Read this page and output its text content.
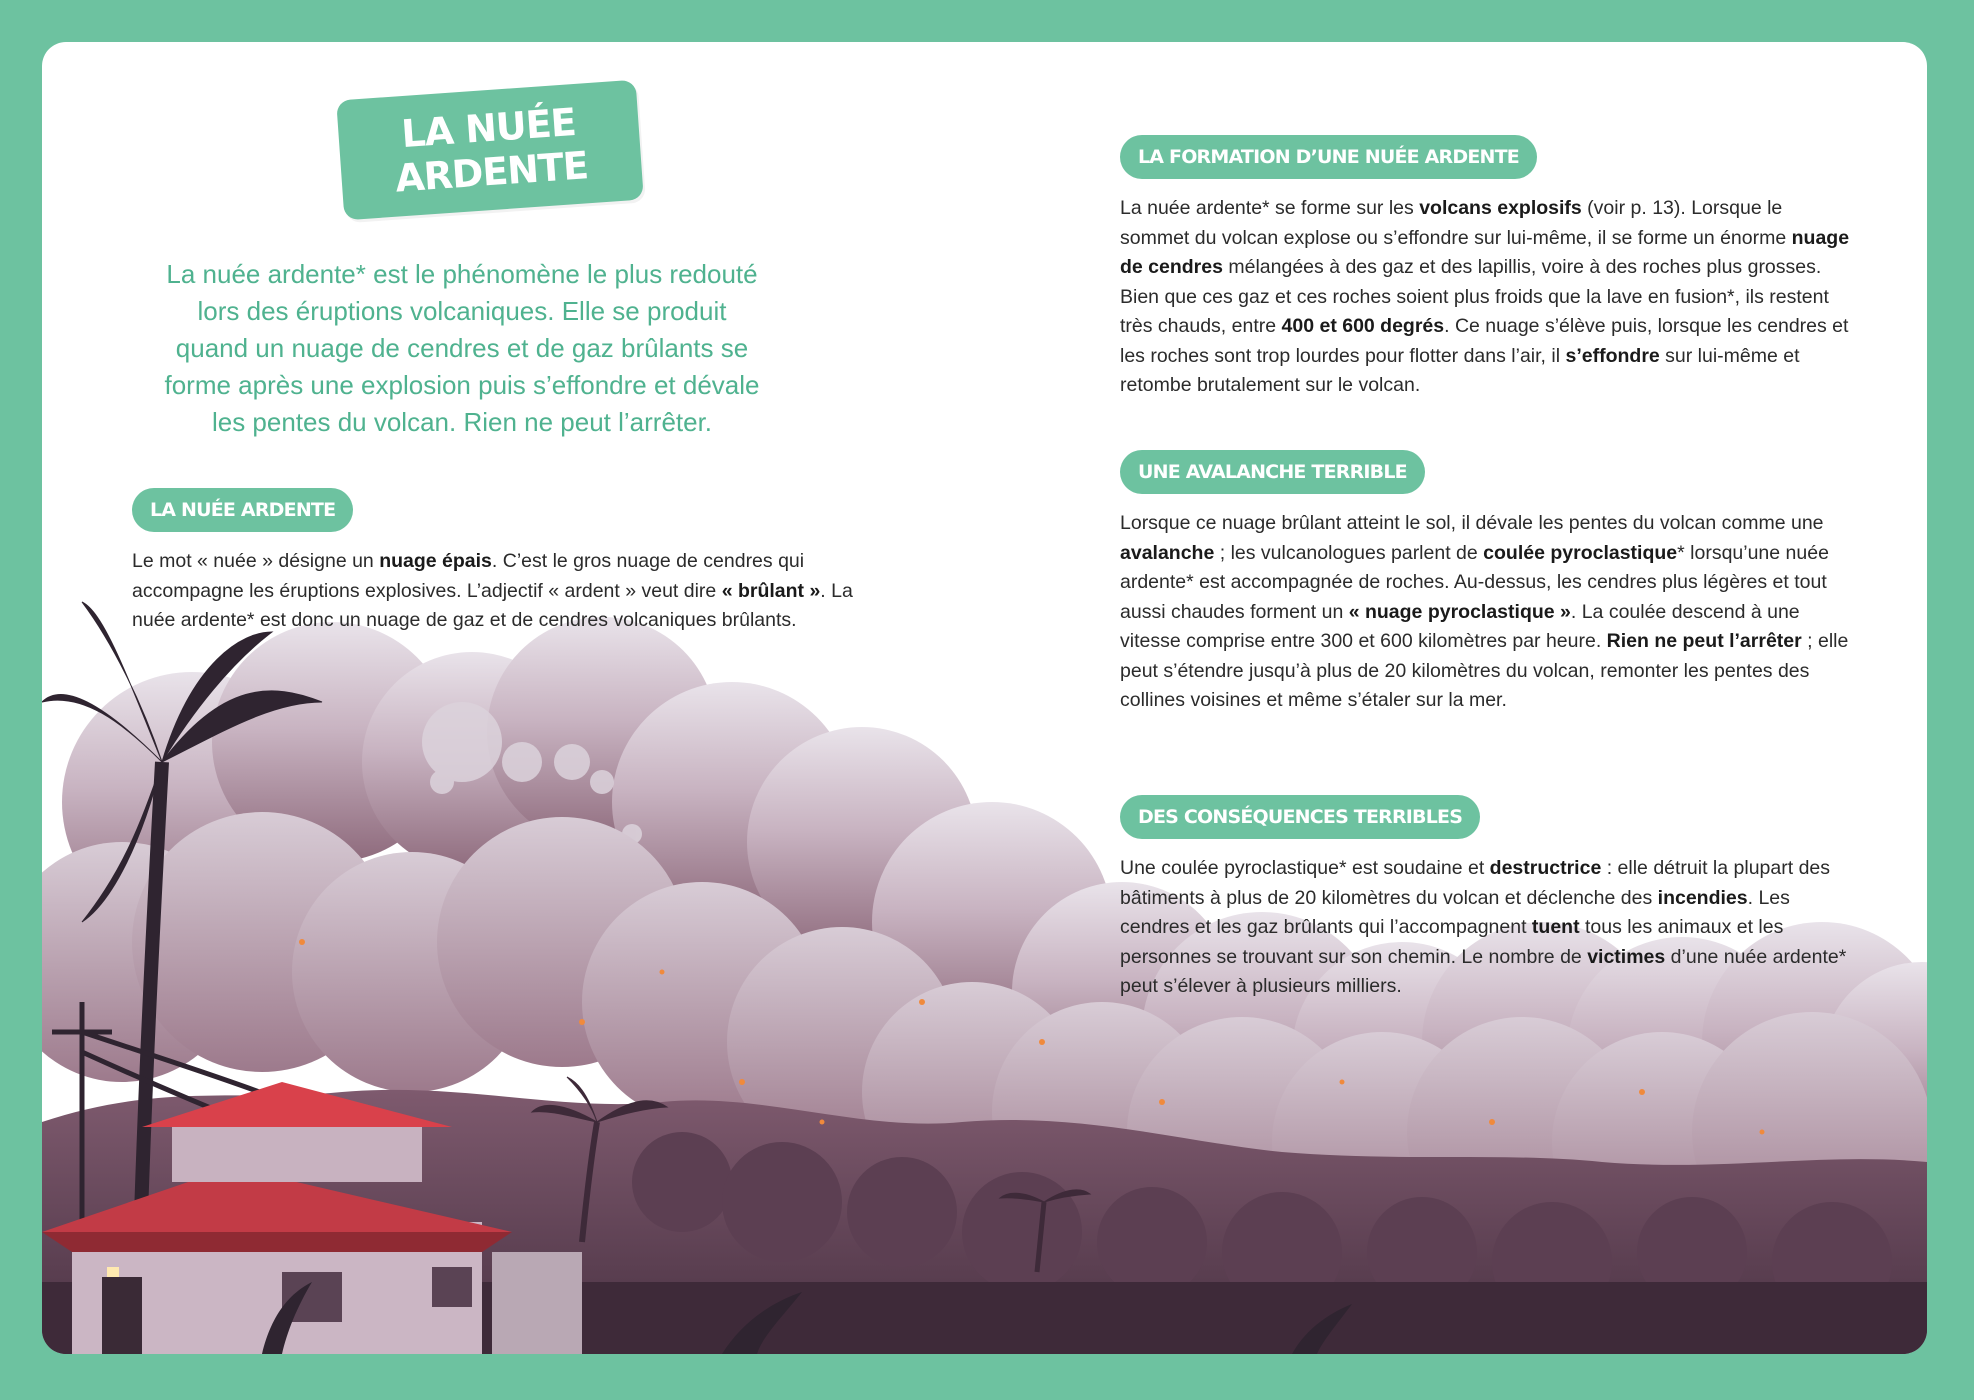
LA NUÉE ARDENTE

La nuée ardente* est le phénomène le plus redouté lors des éruptions volcaniques. Elle se produit quand un nuage de cendres et de gaz brûlants se forme après une explosion puis s’effondre et dévale les pentes du volcan. Rien ne peut l’arrêter.

LA NUÉE ARDENTE

Le mot « nuée » désigne un nuage épais. C’est le gros nuage de cendres qui accompagne les éruptions explosives. L’adjectif « ardent » veut dire « brûlant ». La nuée ardente* est donc un nuage de gaz et de cendres volcaniques brûlants.

LA FORMATION D’UNE NUÉE ARDENTE

La nuée ardente* se forme sur les volcans explosifs (voir p. 13). Lorsque le sommet du volcan explose ou s’effondre sur lui-même, il se forme un énorme nuage de cendres mélangées à des gaz et des lapillis, voire à des roches plus grosses. Bien que ces gaz et ces roches soient plus froids que la lave en fusion*, ils restent très chauds, entre 400 et 600 degrés. Ce nuage s’élève puis, lorsque les cendres et les roches sont trop lourdes pour flotter dans l’air, il s’effondre sur lui-même et retombe brutalement sur le volcan.

UNE AVALANCHE TERRIBLE

Lorsque ce nuage brûlant atteint le sol, il dévale les pentes du volcan comme une avalanche ; les vulcanologues parlent de coulée pyroclastique* lorsqu’une nuée ardente* est accompagnée de roches. Au-dessus, les cendres plus légères et tout aussi chaudes forment un « nuage pyroclastique ». La coulée descend à une vitesse comprise entre 300 et 600 kilomètres par heure. Rien ne peut l’arrêter ; elle peut s’étendre jusqu’à plus de 20 kilomètres du volcan, remonter les pentes des collines voisines et même s’étaler sur la mer.

DES CONSÉQUENCES TERRIBLES

Une coulée pyroclastique* est soudaine et destructrice : elle détruit la plupart des bâtiments à plus de 20 kilomètres du volcan et déclenche des incendies. Les cendres et les gaz brûlants qui l’accompagnent tuent tous les animaux et les personnes se trouvant sur son chemin. Le nombre de victimes d’une nuée ardente* peut s’élever à plusieurs milliers.
